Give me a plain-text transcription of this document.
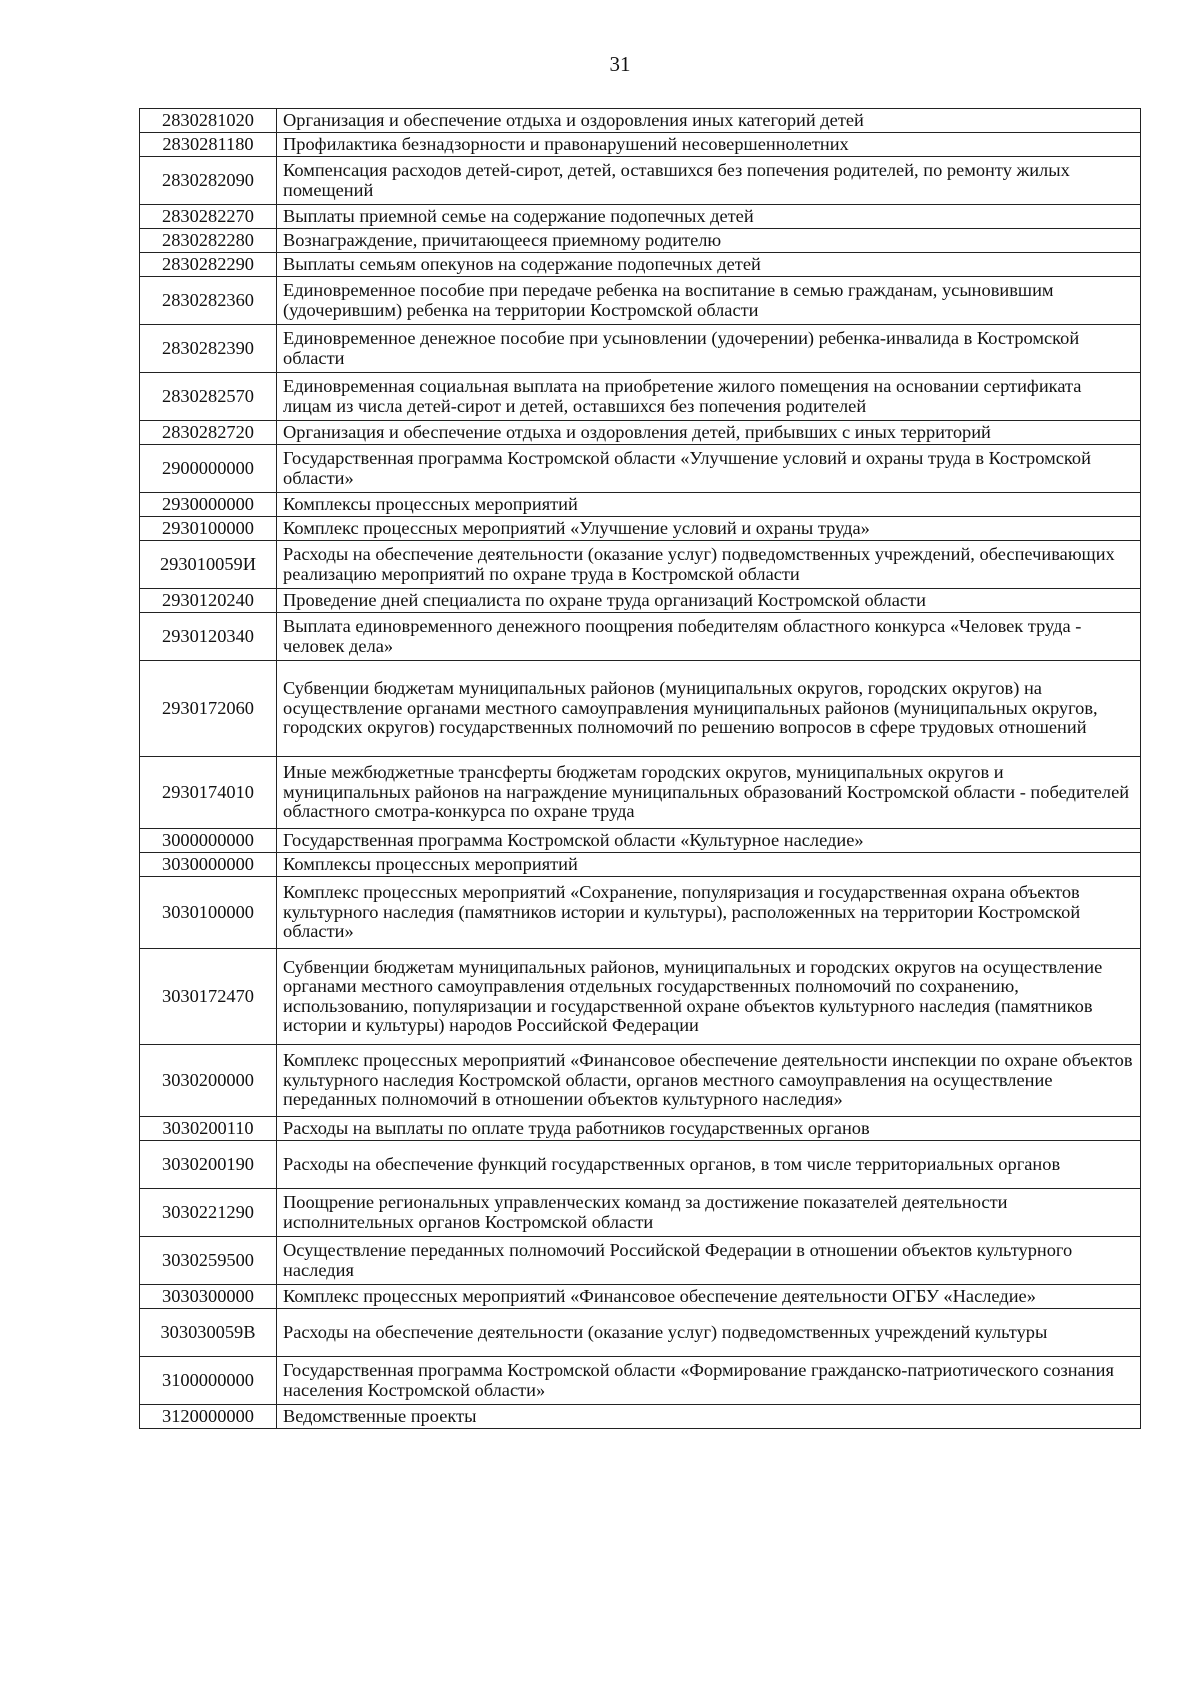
31
2830281020	Организация и обеспечение отдыха и оздоровления иных категорий детей
2830281180	Профилактика безнадзорности и правонарушений несовершеннолетних
2830282090	Компенсация расходов детей-сирот, детей, оставшихся без попечения родителей, по ремонту жилых помещений
2830282270	Выплаты приемной семье на содержание подопечных детей
2830282280	Вознаграждение, причитающееся приемному родителю
2830282290	Выплаты семьям опекунов на содержание подопечных детей
2830282360	Единовременное пособие при передаче ребенка на воспитание в семью гражданам, усыновившим (удочерившим) ребенка на территории Костромской области
2830282390	Единовременное денежное пособие при усыновлении (удочерении) ребенка-инвалида в Костромской области
2830282570	Единовременная социальная выплата на приобретение жилого помещения на основании сертификата лицам из числа детей-сирот и детей, оставшихся без попечения родителей
2830282720	Организация и обеспечение отдыха и оздоровления детей, прибывших с иных территорий
2900000000	Государственная программа Костромской области «Улучшение условий и охраны труда в Костромской области»
2930000000	Комплексы процессных мероприятий
2930100000	Комплекс процессных мероприятий «Улучшение условий и охраны труда»
293010059И	Расходы на обеспечение деятельности (оказание услуг) подведомственных учреждений, обеспечивающих реализацию мероприятий по охране труда в Костромской области
2930120240	Проведение дней специалиста по охране труда организаций Костромской области
2930120340	Выплата единовременного денежного поощрения победителям областного конкурса «Человек труда - человек дела»
2930172060	Субвенции бюджетам муниципальных районов (муниципальных округов, городских округов) на осуществление органами местного самоуправления муниципальных районов (муниципальных округов, городских округов) государственных полномочий по решению вопросов в сфере трудовых отношений
2930174010	Иные межбюджетные трансферты бюджетам городских округов, муниципальных округов и муниципальных районов на награждение муниципальных образований Костромской области - победителей областного смотра-конкурса по охране труда
3000000000	Государственная программа Костромской области «Культурное наследие»
3030000000	Комплексы процессных мероприятий
3030100000	Комплекс процессных мероприятий «Сохранение, популяризация и государственная охрана объектов культурного наследия (памятников истории и культуры), расположенных на территории Костромской области»
3030172470	Субвенции бюджетам муниципальных районов, муниципальных и городских округов на осуществление органами местного самоуправления отдельных государственных полномочий по сохранению, использованию, популяризации и государственной охране объектов культурного наследия (памятников истории и культуры) народов Российской Федерации
3030200000	Комплекс процессных мероприятий «Финансовое обеспечение деятельности инспекции по охране объектов культурного наследия Костромской области, органов местного самоуправления на осуществление переданных полномочий в отношении объектов культурного наследия»
3030200110	Расходы на выплаты по оплате труда работников государственных органов
3030200190	Расходы на обеспечение функций государственных органов, в том числе территориальных органов
3030221290	Поощрение региональных управленческих команд за достижение показателей деятельности исполнительных органов Костромской области
3030259500	Осуществление переданных полномочий Российской Федерации в отношении объектов культурного наследия
3030300000	Комплекс процессных мероприятий «Финансовое обеспечение деятельности ОГБУ «Наследие»
303030059В	Расходы на обеспечение деятельности (оказание услуг) подведомственных учреждений культуры
3100000000	Государственная программа Костромской области «Формирование гражданско-патриотического сознания населения Костромской области»
3120000000	Ведомственные проекты
